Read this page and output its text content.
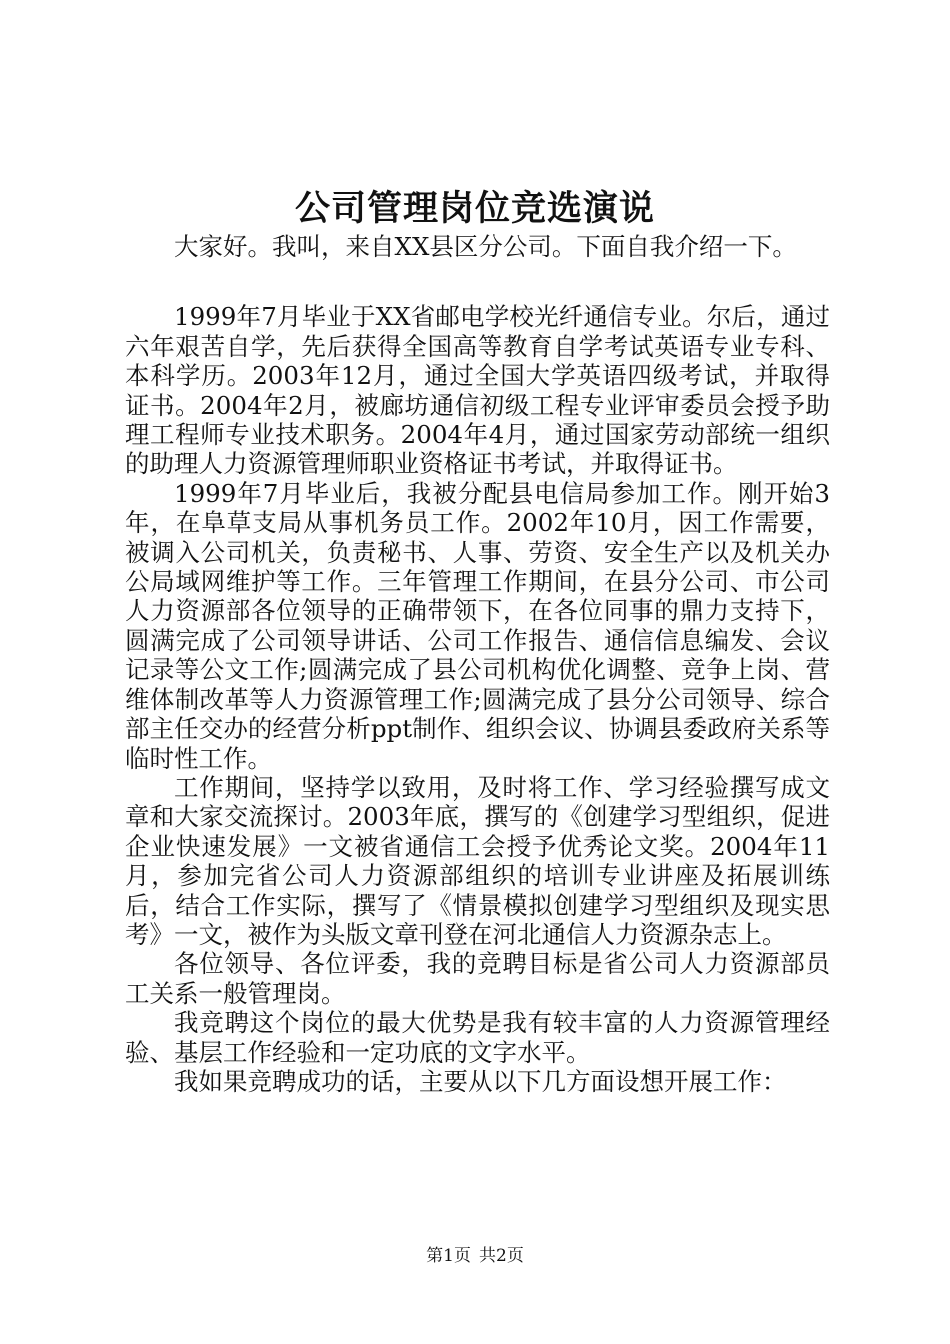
公司管理岗位竞选演说

大家好。我叫，来自XX县区分公司。下面自我介绍一下。

1999年7月毕业于XX省邮电学校光纤通信专业。尔后，通过六年艰苦自学，先后获得全国高等教育自学考试英语专业专科、本科学历。2003年12月，通过全国大学英语四级考试，并取得证书。2004年2月，被廊坊通信初级工程专业评审委员会授予助理工程师专业技术职务。2004年4月，通过国家劳动部统一组织的助理人力资源管理师职业资格证书考试，并取得证书。

1999年7月毕业后，我被分配县电信局参加工作。刚开始3年，在阜草支局从事机务员工作。2002年10月，因工作需要，被调入公司机关，负责秘书、人事、劳资、安全生产以及机关办公局域网维护等工作。三年管理工作期间，在县分公司、市公司人力资源部各位领导的正确带领下，在各位同事的鼎力支持下，圆满完成了公司领导讲话、公司工作报告、通信信息编发、会议记录等公文工作;圆满完成了县公司机构优化调整、竞争上岗、营维体制改革等人力资源管理工作;圆满完成了县分公司领导、综合部主任交办的经营分析ppt制作、组织会议、协调县委政府关系等临时性工作。

工作期间，坚持学以致用，及时将工作、学习经验撰写成文章和大家交流探讨。2003年底，撰写的《创建学习型组织，促进企业快速发展》一文被省通信工会授予优秀论文奖。2004年11月，参加完省公司人力资源部组织的培训专业讲座及拓展训练后，结合工作实际，撰写了《情景模拟创建学习型组织及现实思考》一文，被作为头版文章刊登在河北通信人力资源杂志上。

各位领导、各位评委，我的竞聘目标是省公司人力资源部员工关系一般管理岗。

我竞聘这个岗位的最大优势是我有较丰富的人力资源管理经验、基层工作经验和一定功底的文字水平。

我如果竞聘成功的话，主要从以下几方面设想开展工作：

第1页 共2页
